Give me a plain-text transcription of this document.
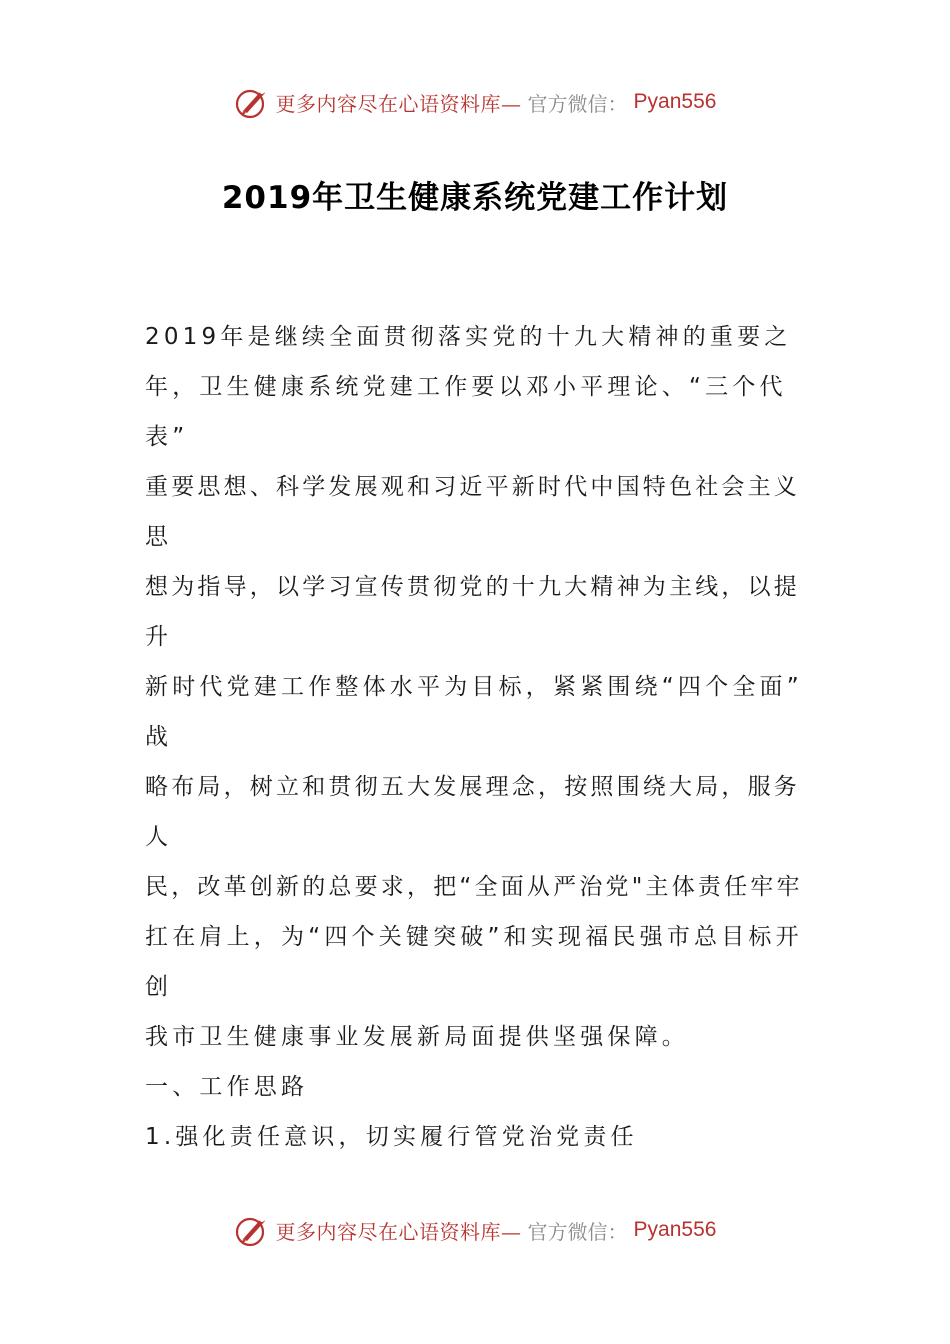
更多内容尽在心语资料库— 官方微信： Pyan556
2019年卫生健康系统党建工作计划
2019年是继续全面贯彻落实党的十九大精神的重要之
年，卫生健康系统党建工作要以邓小平理论、“三个代
表”
重要思想、科学发展观和习近平新时代中国特色社会主义
思
想为指导，以学习宣传贯彻党的十九大精神为主线，以提
升
新时代党建工作整体水平为目标，紧紧围绕“四个全面”
战
略布局，树立和贯彻五大发展理念，按照围绕大局，服务
人
民，改革创新的总要求，把“全面从严治党"主体责任牢牢
扛在肩上，为“四个关键突破”和实现福民强市总目标开
创
我市卫生健康事业发展新局面提供坚强保障。
一、工作思路
1.强化责任意识，切实履行管党治党责任
更多内容尽在心语资料库— 官方微信： Pyan556
